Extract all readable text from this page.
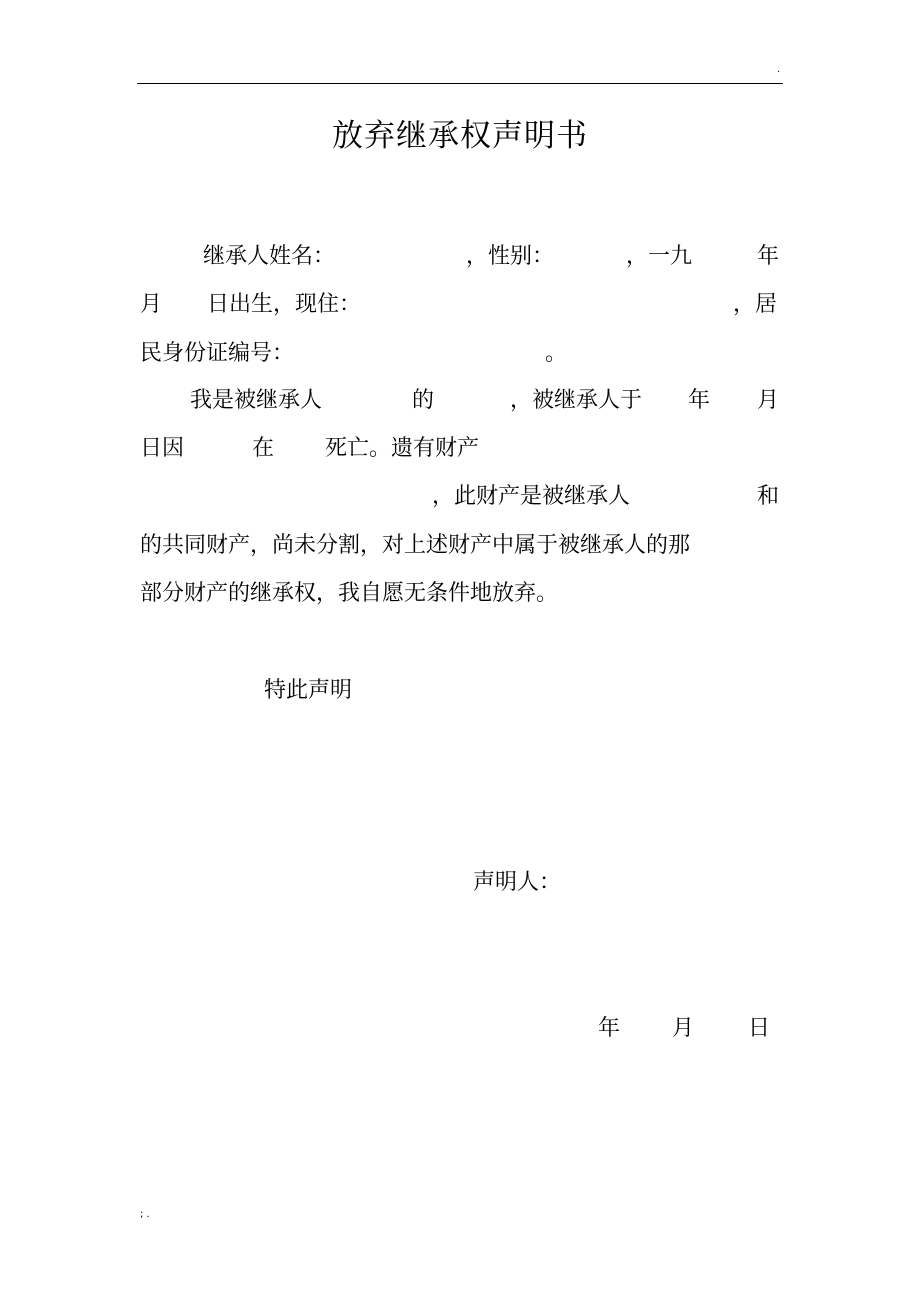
.
放弃继承权声明书
继承人姓名：	，性别：	，一九	年
月 日出生，现住：	，居
民身份证编号：	。
我是被继承人	的	，被继承人于 年 月
日因	在 死亡。遗有财产
，此财产是被继承人	和
的共同财产，尚未分割，对上述财产中属于被继承人的那
部分财产的继承权，我自愿无条件地放弃。
特此声明
声明人：
年 月 日
; .
